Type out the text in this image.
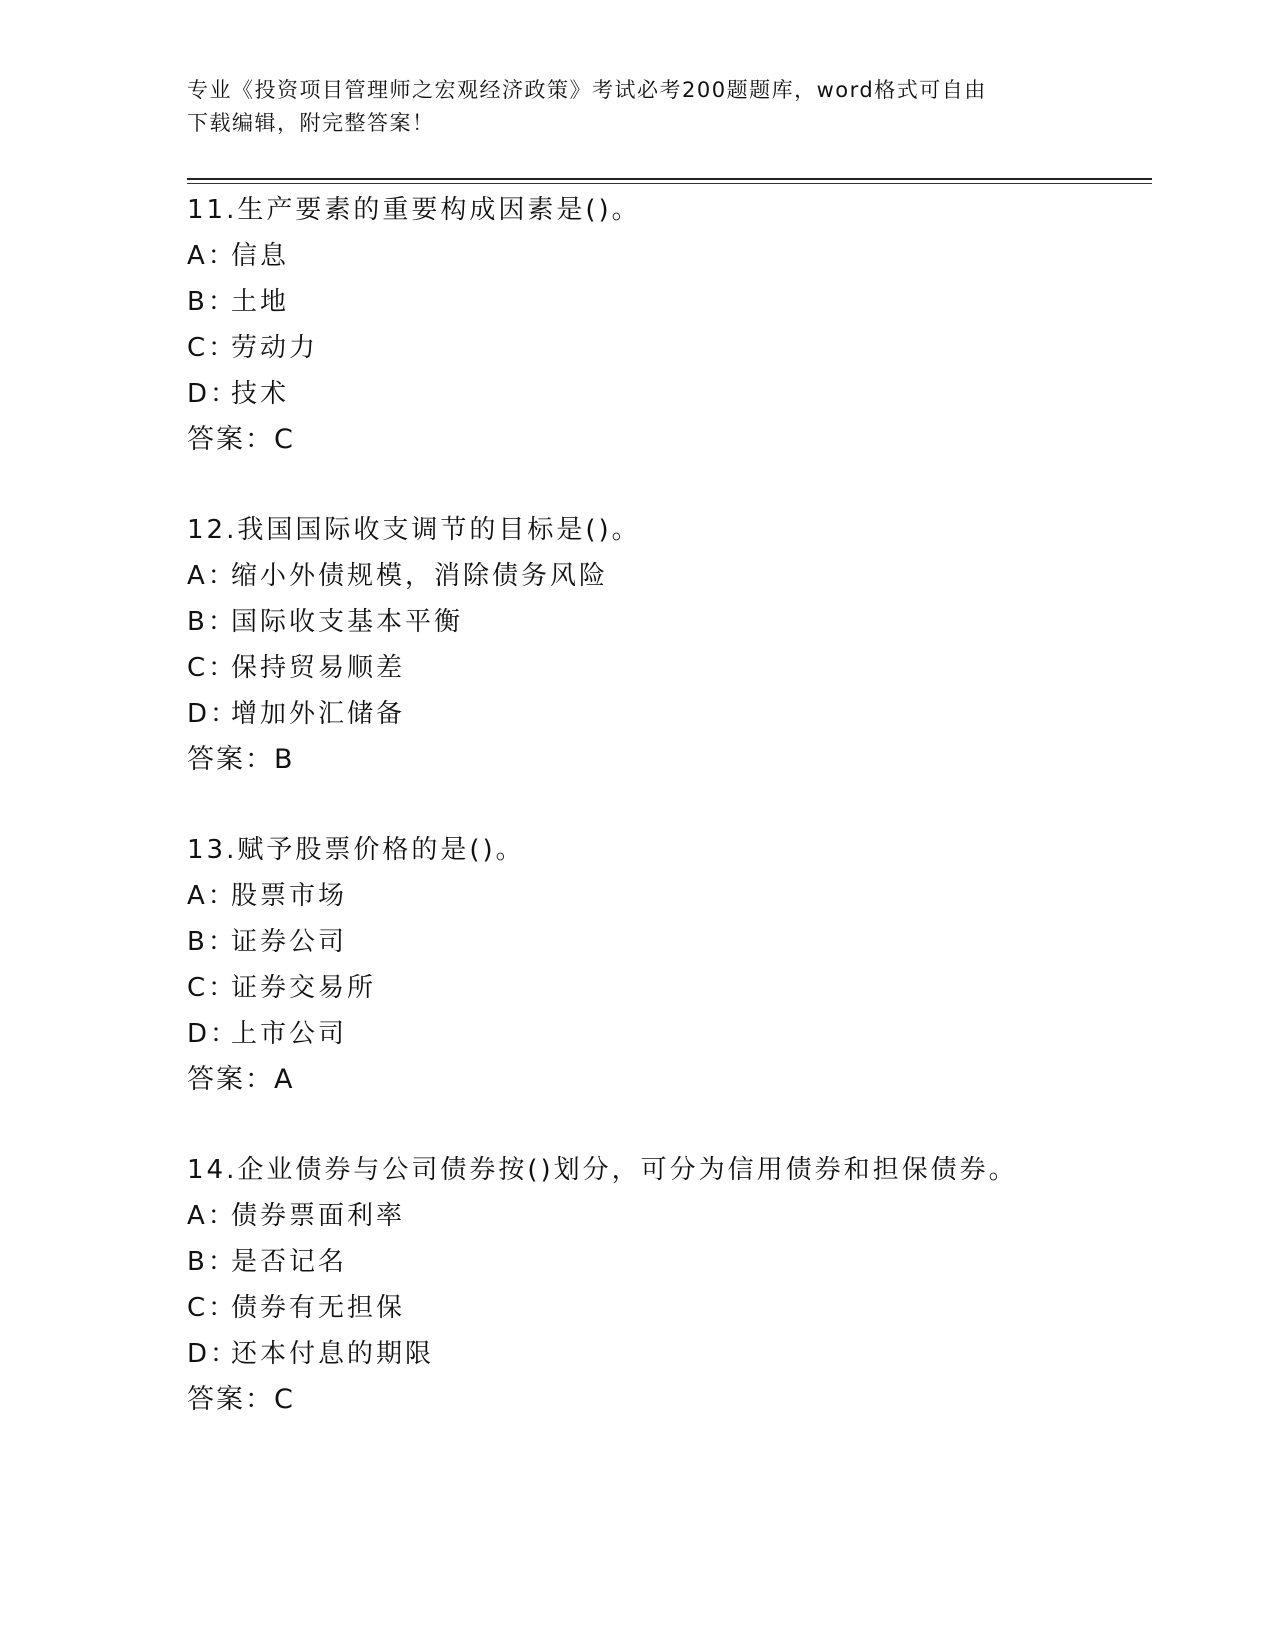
专业《投资项目管理师之宏观经济政策》考试必考200题题库，word格式可自由
下载编辑，附完整答案！
11.生产要素的重要构成因素是()。
A：信息
B：土地
C：劳动力
D：技术
答案：C
12.我国国际收支调节的目标是()。
A：缩小外债规模，消除债务风险
B：国际收支基本平衡
C：保持贸易顺差
D：增加外汇储备
答案：B
13.赋予股票价格的是()。
A：股票市场
B：证券公司
C：证券交易所
D：上市公司
答案：A
14.企业债券与公司债券按()划分，可分为信用债券和担保债券。
A：债券票面利率
B：是否记名
C：债券有无担保
D：还本付息的期限
答案：C
